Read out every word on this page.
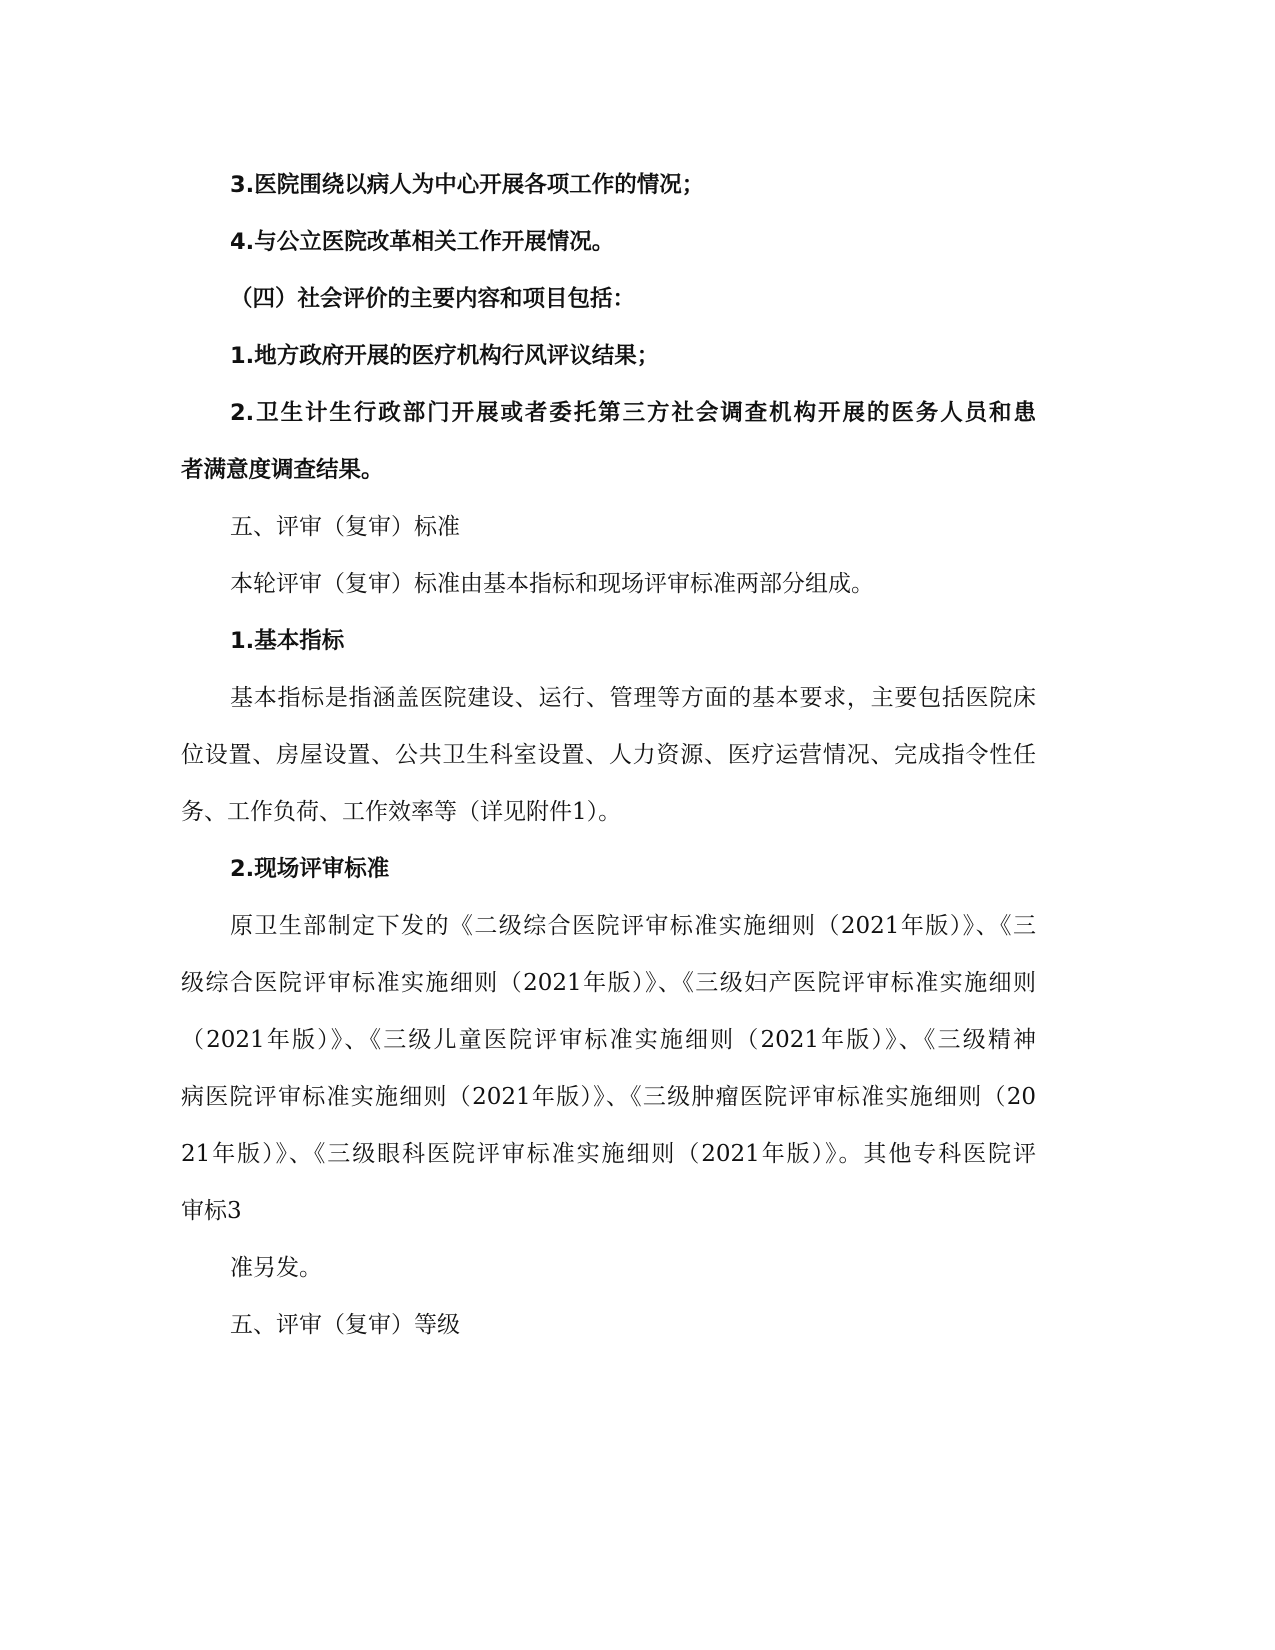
3.医院围绕以病人为中心开展各项工作的情况；
4.与公立医院改革相关工作开展情况。
（四）社会评价的主要内容和项目包括：
1.地方政府开展的医疗机构行风评议结果；
2.卫生计生行政部门开展或者委托第三方社会调查机构开展的医务人员和患
者满意度调查结果。
五、评审（复审）标准
本轮评审（复审）标准由基本指标和现场评审标准两部分组成。
1.基本指标
基本指标是指涵盖医院建设、运行、管理等方面的基本要求，主要包括医院床
位设置、房屋设置、公共卫生科室设置、人力资源、医疗运营情况、完成指令性任
务、工作负荷、工作效率等（详见附件1）。
2.现场评审标准
原卫生部制定下发的《二级综合医院评审标准实施细则（2021年版）》、《三
级综合医院评审标准实施细则（2021年版）》、《三级妇产医院评审标准实施细则
（2021年版）》、《三级儿童医院评审标准实施细则（2021年版）》、《三级精神
病医院评审标准实施细则（2021年版）》、《三级肿瘤医院评审标准实施细则（20
21年版）》、《三级眼科医院评审标准实施细则（2021年版）》。其他专科医院评
审标3
准另发。
五、评审（复审）等级
